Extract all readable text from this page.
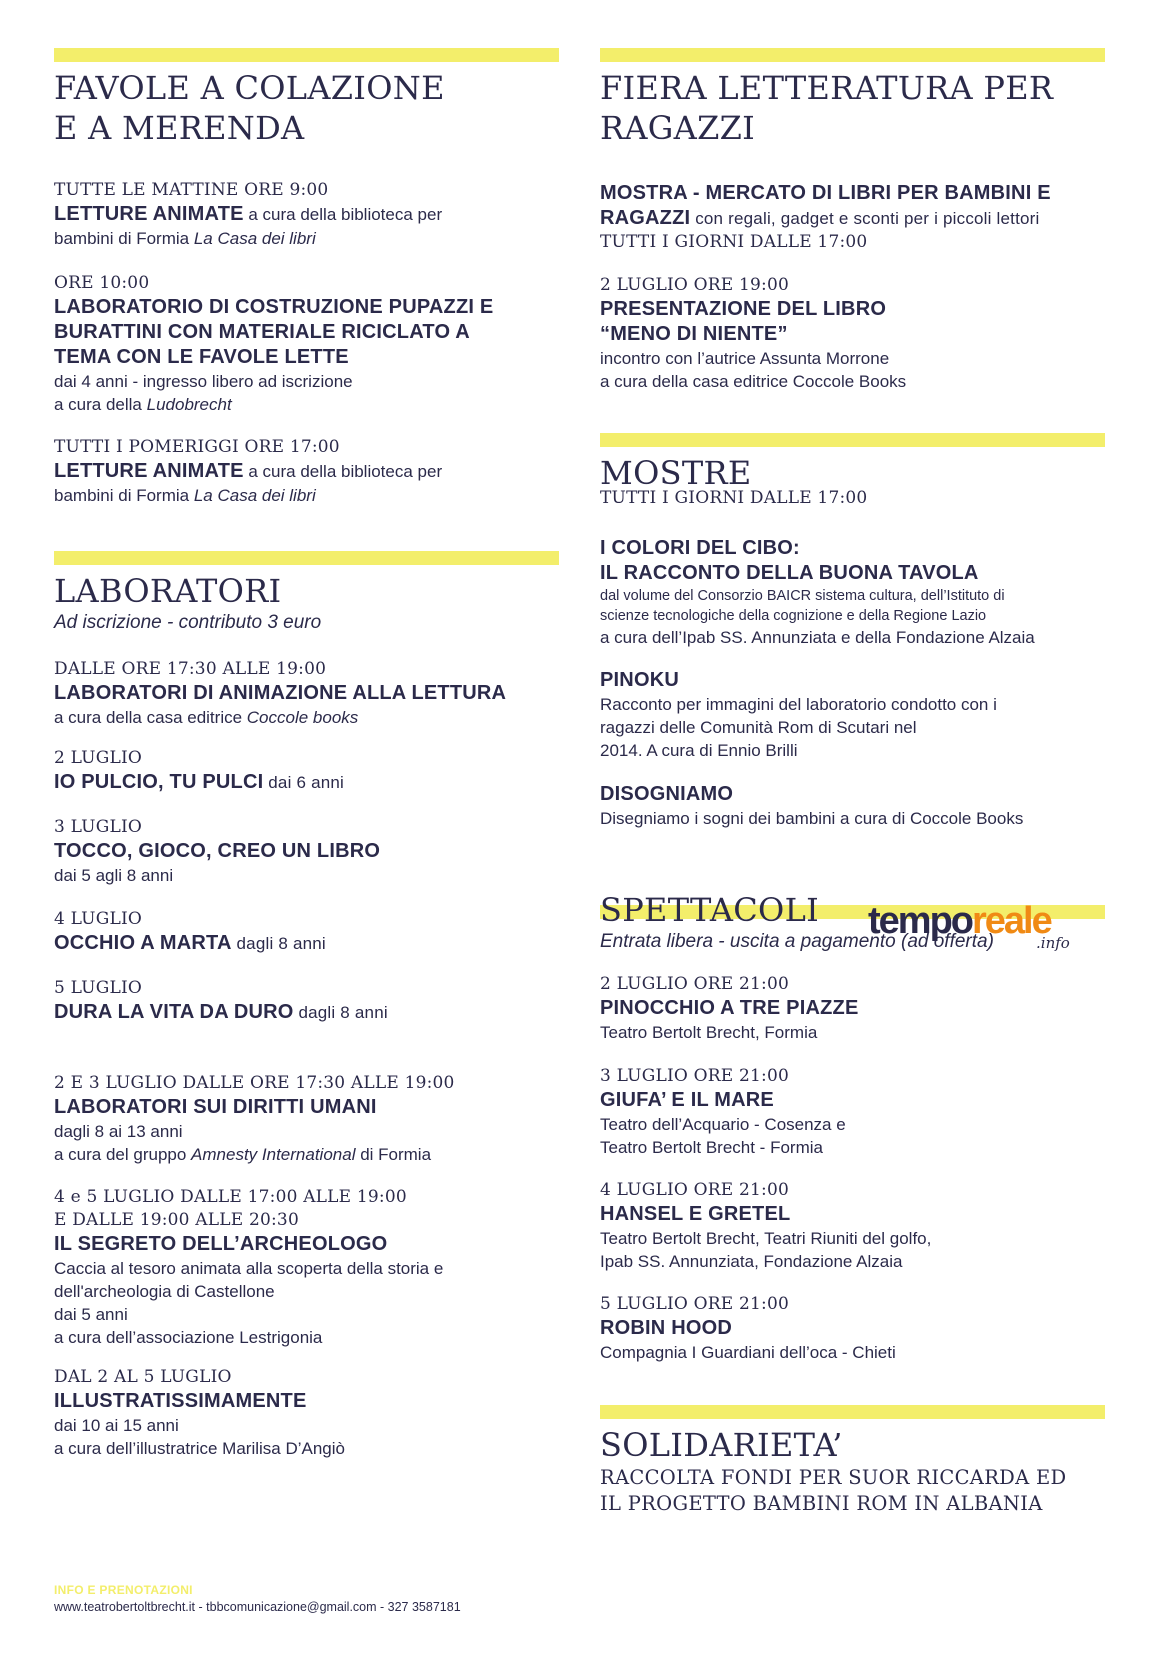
FAVOLE A COLAZIONE
E A MERENDA
TUTTE LE MATTINE ORE 9:00
LETTURE ANIMATE a cura della biblioteca per
bambini di Formia La Casa dei libri
ORE 10:00
LABORATORIO DI COSTRUZIONE PUPAZZI E
BURATTINI CON MATERIALE RICICLATO A
TEMA CON LE FAVOLE LETTE
dai 4 anni - ingresso libero ad iscrizione
a cura della Ludobrecht
TUTTI I POMERIGGI ORE 17:00
LETTURE ANIMATE a cura della biblioteca per
bambini di Formia La Casa dei libri
LABORATORI
Ad iscrizione - contributo 3 euro
DALLE ORE 17:30 ALLE 19:00
LABORATORI DI ANIMAZIONE ALLA LETTURA
a cura della casa editrice Coccole books
2 LUGLIO
IO PULCIO, TU PULCI dai 6 anni
3 LUGLIO
TOCCO, GIOCO, CREO UN LIBRO
dai 5 agli 8 anni
4 LUGLIO
OCCHIO A MARTA dagli 8 anni
5 LUGLIO
DURA LA VITA DA DURO dagli 8 anni
2 E 3 LUGLIO DALLE ORE 17:30 ALLE 19:00
LABORATORI SUI DIRITTI UMANI
dagli 8 ai 13 anni
a cura del gruppo Amnesty International di Formia
4 e 5 LUGLIO DALLE 17:00 ALLE 19:00
E DALLE 19:00 ALLE 20:30
IL SEGRETO DELL’ARCHEOLOGO
Caccia al tesoro animata alla scoperta della storia e
dell'archeologia di Castellone
dai 5 anni
a cura dell’associazione Lestrigonia
DAL 2 AL 5 LUGLIO
ILLUSTRATISSIMAMENTE
dai 10 ai 15 anni
a cura dell’illustratrice Marilisa D’Angiò
INFO E PRENOTAZIONI
www.teatrobertoltbrecht.it - tbbcomunicazione@gmail.com - 327 3587181
FIERA LETTERATURA PER
RAGAZZI
MOSTRA - MERCATO DI LIBRI PER BAMBINI E
RAGAZZI con regali, gadget e sconti per i piccoli lettori
TUTTI I GIORNI DALLE 17:00
2 LUGLIO ORE 19:00
PRESENTAZIONE DEL LIBRO
“MENO DI NIENTE”
incontro con l’autrice Assunta Morrone
a cura della casa editrice Coccole Books
MOSTRE
TUTTI I GIORNI DALLE 17:00
I COLORI DEL CIBO:
IL RACCONTO DELLA BUONA TAVOLA
dal volume del Consorzio BAICR sistema cultura, dell’Istituto di
scienze tecnologiche della cognizione e della Regione Lazio
a cura dell’Ipab SS. Annunziata e della Fondazione Alzaia
PINOKU
Racconto per immagini del laboratorio condotto con i
ragazzi delle Comunità Rom di Scutari nel
2014. A cura di Ennio Brilli
DISOGNIAMO
Disegniamo i sogni dei bambini a cura di Coccole Books
SPETTACOLI
Entrata libera - uscita a pagamento (ad offerta)
2 LUGLIO ORE 21:00
PINOCCHIO A TRE PIAZZE
Teatro Bertolt Brecht, Formia
3 LUGLIO ORE 21:00
GIUFA’ E IL MARE
Teatro dell’Acquario - Cosenza e
Teatro Bertolt Brecht - Formia
4 LUGLIO ORE 21:00
HANSEL E GRETEL
Teatro Bertolt Brecht, Teatri Riuniti del golfo,
Ipab SS. Annunziata, Fondazione Alzaia
5 LUGLIO ORE 21:00
ROBIN HOOD
Compagnia I Guardiani dell’oca - Chieti
SOLIDARIETA’
RACCOLTA FONDI PER SUOR RICCARDA ED
IL PROGETTO BAMBINI ROM IN ALBANIA
temporeale
.info
